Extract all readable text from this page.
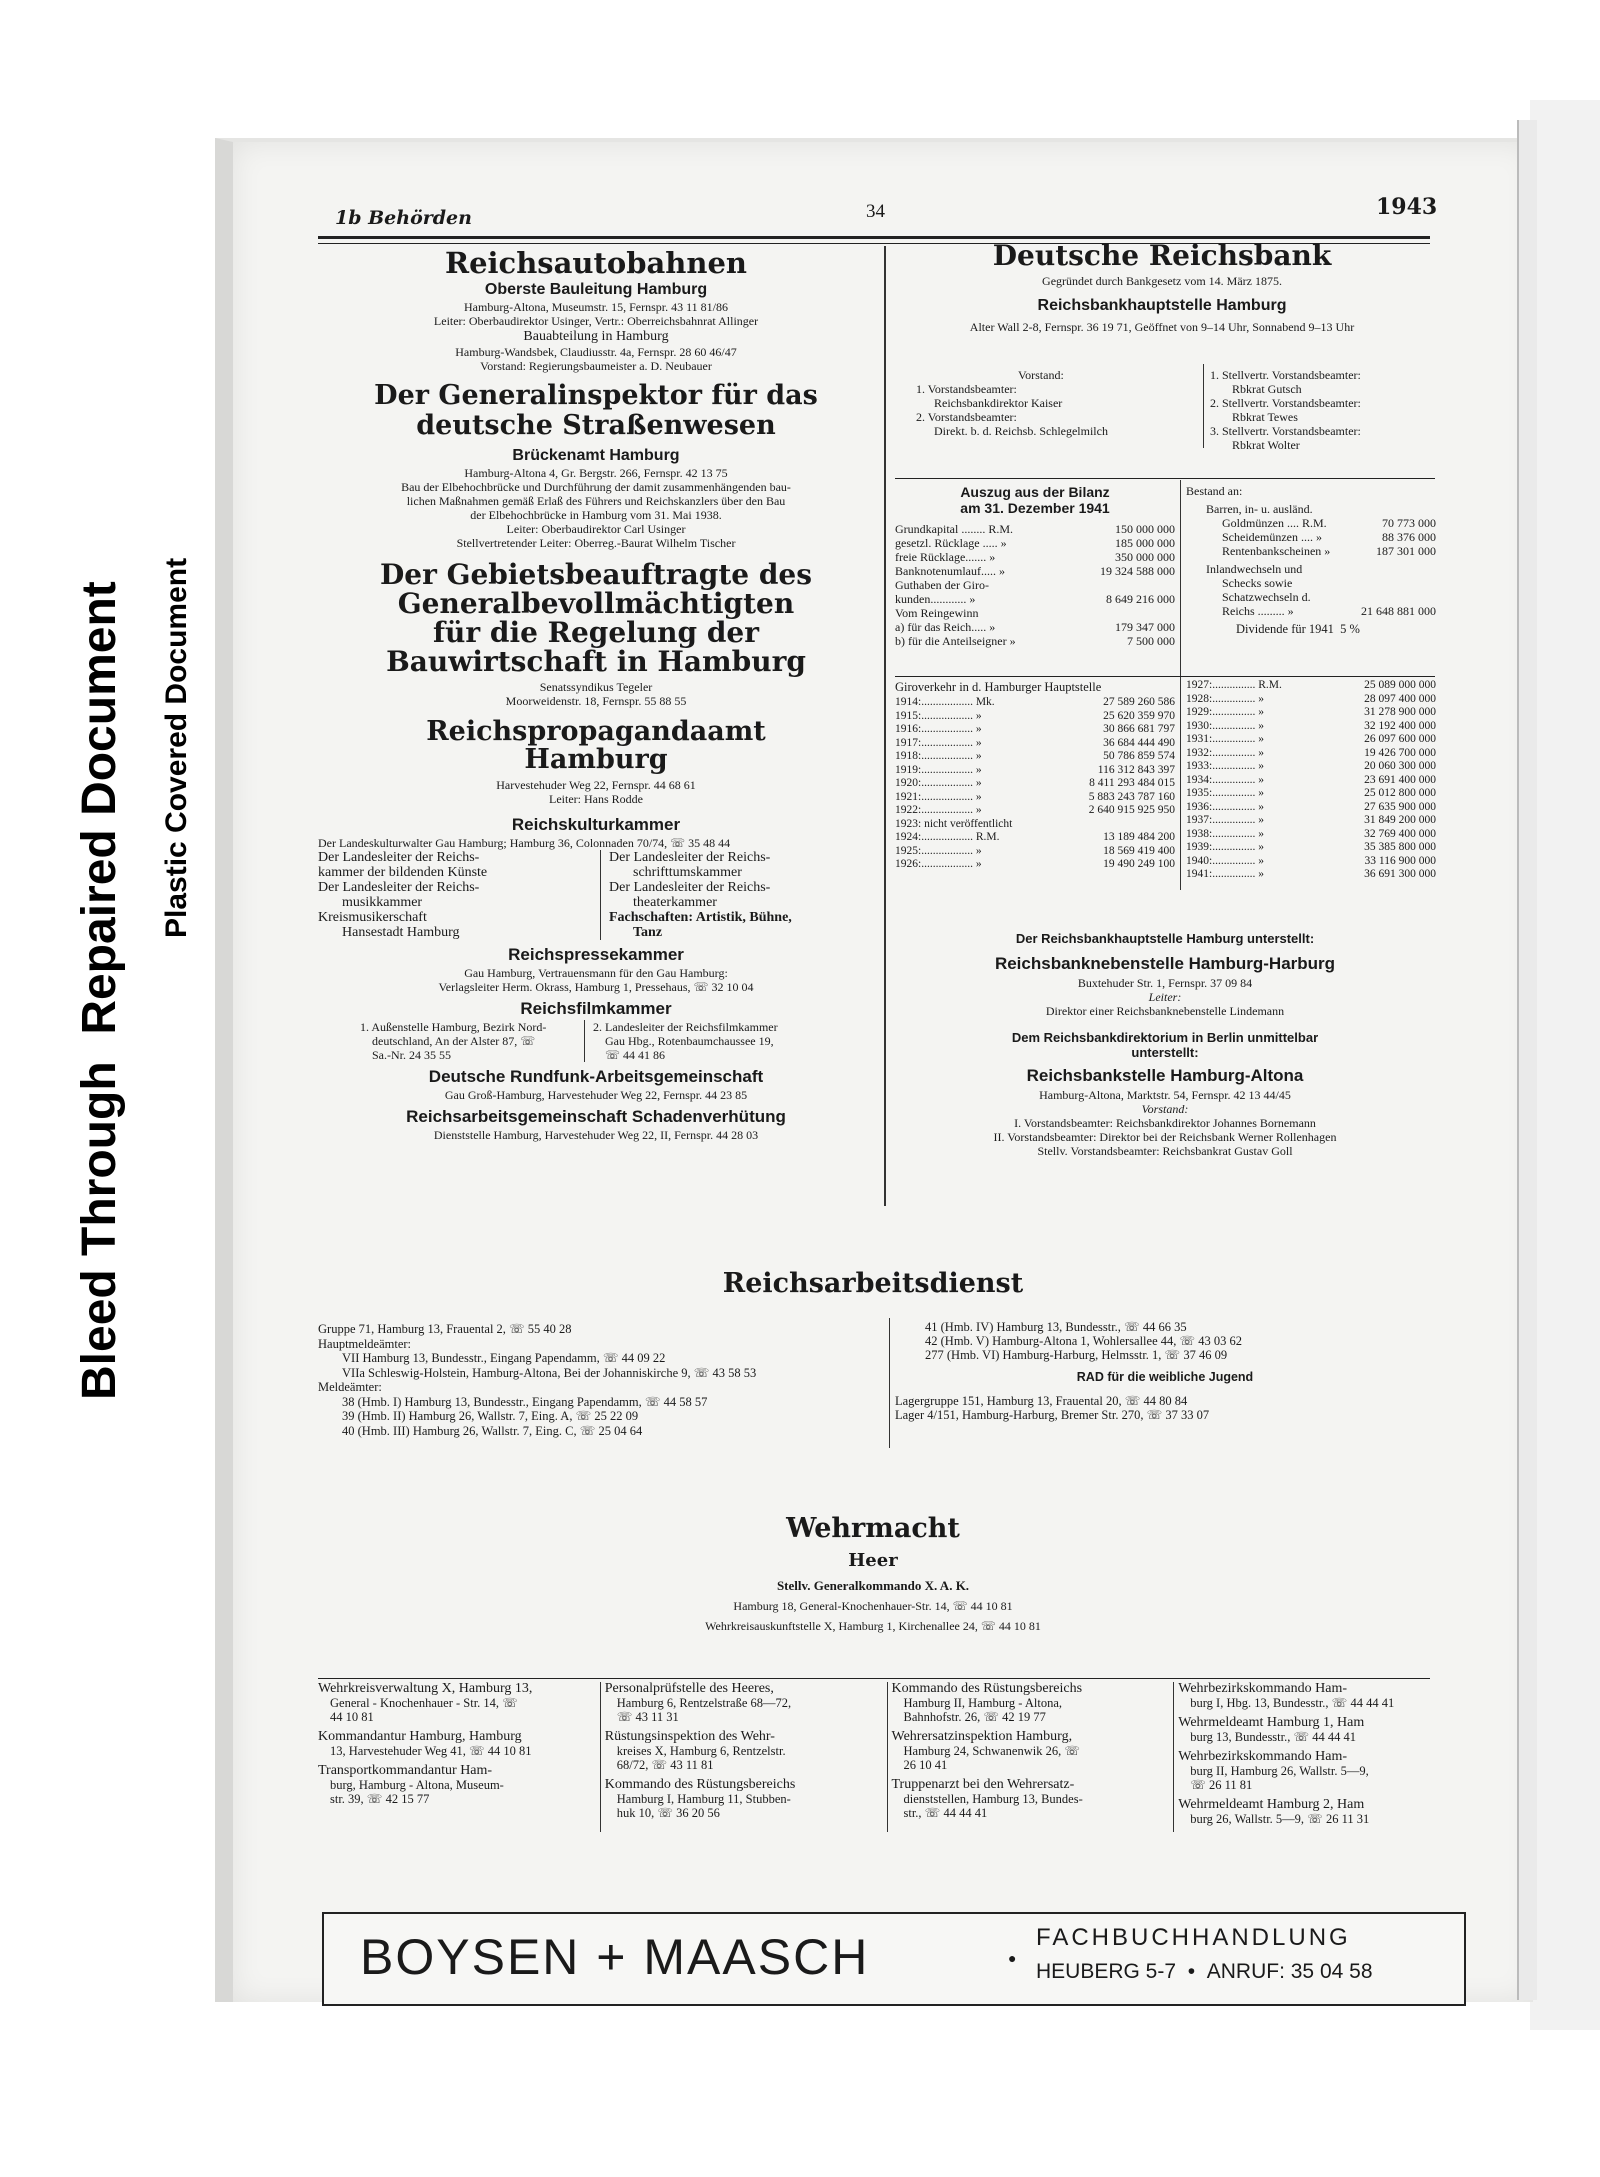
Bleed Through  Repaired Document Plastic Covered Document
1b Behörden	34	1943
Reichsautobahnen
Oberste Bauleitung Hamburg
Hamburg-Altona, Museumstr. 15, Fernspr. 43 11 81/86
Leiter: Oberbaudirektor Usinger, Vertr.: Oberreichsbahnrat Allinger
Bauabteilung in Hamburg
Hamburg-Wandsbek, Claudiusstr. 4a, Fernspr. 28 60 46/47
Vorstand: Regierungsbaumeister a. D. Neubauer
Der Generalinspektor für das
deutsche Straßenwesen
Brückenamt Hamburg
Hamburg-Altona 4, Gr. Bergstr. 266, Fernspr. 42 13 75
Bau der Elbehochbrücke und Durchführung der damit zusammenhängenden bau-
lichen Maßnahmen gemäß Erlaß des Führers und Reichskanzlers über den Bau
der Elbehochbrücke in Hamburg vom 31. Mai 1938.
Leiter: Oberbaudirektor Carl Usinger
Stellvertretender Leiter: Oberreg.-Baurat Wilhelm Tischer
Der Gebietsbeauftragte des
Generalbevollmächtigten
für die Regelung der
Bauwirtschaft in Hamburg
Senatssyndikus Tegeler
Moorweidenstr. 18, Fernspr. 55 88 55
Reichspropagandaamt
Hamburg
Harvestehuder Weg 22, Fernspr. 44 68 61
Leiter: Hans Rodde
Reichskulturkammer
Der Landeskulturwalter Gau Hamburg; Hamburg 36, Colonnaden 70/74, ☏ 35 48 44
Der Landesleiter der Reichs-
kammer der bildenden Künste
Der Landesleiter der Reichs-
musikkammer
Kreismusikerschaft
Hansestadt Hamburg
Der Landesleiter der Reichs-
schrifttumskammer
Der Landesleiter der Reichs-
theaterkammer
Fachschaften: Artistik, Bühne,
Tanz
Reichspressekammer
Gau Hamburg, Vertrauensmann für den Gau Hamburg:
Verlagsleiter Herm. Okrass, Hamburg 1, Pressehaus, ☏ 32 10 04
Reichsfilmkammer
1. Außenstelle Hamburg, Bezirk Nord-
deutschland, An der Alster 87, ☏
Sa.-Nr. 24 35 55
2. Landesleiter der Reichsfilmkammer
Gau Hbg., Rotenbaumchaussee 19,
☏ 44 41 86
Deutsche Rundfunk-Arbeitsgemeinschaft
Gau Groß-Hamburg, Harvestehuder Weg 22, Fernspr. 44 23 85
Reichsarbeitsgemeinschaft Schadenverhütung
Dienststelle Hamburg, Harvestehuder Weg 22, II, Fernspr. 44 28 03
Deutsche Reichsbank
Gegründet durch Bankgesetz vom 14. März 1875.
Reichsbankhauptstelle Hamburg
Alter Wall 2-8, Fernspr. 36 19 71, Geöffnet von 9–14 Uhr, Sonnabend 9–13 Uhr
Vorstand:
1. Vorstandsbeamter:
Reichsbankdirektor Kaiser
2. Vorstandsbeamter:
Direkt. b. d. Reichsb. Schlegelmilch
1. Stellvertr. Vorstandsbeamter:
Rbkrat Gutsch
2. Stellvertr. Vorstandsbeamter:
Rbkrat Tewes
3. Stellvertr. Vorstandsbeamter:
Rbkrat Wolter
Auszug aus der Bilanz
am 31. Dezember 1941
Grundkapital ........ R.M.	150 000 000
gesetzl. Rücklage ..... »	185 000 000
freie Rücklage....... »	350 000 000
Banknotenumlauf..... »	19 324 588 000
Guthaben der Giro-
kunden............ »	8 649 216 000
Vom Reingewinn
a) für das Reich..... »	179 347 000
b) für die Anteilseigner »	7 500 000
Bestand an:
Barren, in- u. ausländ.
Goldmünzen .... R.M.	70 773 000
Scheidemünzen .... »	88 376 000
Rentenbankscheinen »	187 301 000
Inlandwechseln und
Schecks sowie
Schatzwechseln d.
Reichs ......... »	21 648 881 000
Dividende für 1941 5 %
Giroverkehr in d. Hamburger Hauptstelle
1914:.................. Mk.	27 589 260 586
1915:.................. »	25 620 359 970
1916:.................. »	30 866 681 797
1917:.................. »	36 684 444 490
1918:.................. »	50 786 859 574
1919:.................. »	116 312 843 397
1920:.................. »	8 411 293 484 015
1921:.................. »	5 883 243 787 160
1922:.................. »	2 640 915 925 950
1923: nicht veröffentlicht
1924:.................. R.M.	13 189 484 200
1925:.................. »	18 569 419 400
1926:.................. »	19 490 249 100
1927:............... R.M.	25 089 000 000
1928:............... »	28 097 400 000
1929:............... »	31 278 900 000
1930:............... »	32 192 400 000
1931:............... »	26 097 600 000
1932:............... »	19 426 700 000
1933:............... »	20 060 300 000
1934:............... »	23 691 400 000
1935:............... »	25 012 800 000
1936:............... »	27 635 900 000
1937:............... »	31 849 200 000
1938:............... »	32 769 400 000
1939:............... »	35 385 800 000
1940:............... »	33 116 900 000
1941:............... »	36 691 300 000
Der Reichsbankhauptstelle Hamburg unterstellt:
Reichsbanknebenstelle Hamburg-Harburg
Buxtehuder Str. 1, Fernspr. 37 09 84
Leiter:
Direktor einer Reichsbanknebenstelle Lindemann
Dem Reichsbankdirektorium in Berlin unmittelbar
unterstellt:
Reichsbankstelle Hamburg-Altona
Hamburg-Altona, Marktstr. 54, Fernspr. 42 13 44/45
Vorstand:
I. Vorstandsbeamter: Reichsbankdirektor Johannes Bornemann
II. Vorstandsbeamter: Direktor bei der Reichsbank Werner Rollenhagen
Stellv. Vorstandsbeamter: Reichsbankrat Gustav Goll
Reichsarbeitsdienst
Gruppe 71, Hamburg 13, Frauental 2, ☏ 55 40 28
Hauptmeldeämter:
VII Hamburg 13, Bundesstr., Eingang Papendamm, ☏ 44 09 22
VIIa Schleswig-Holstein, Hamburg-Altona, Bei der Johanniskirche 9, ☏ 43 58 53
Meldeämter:
38 (Hmb. I) Hamburg 13, Bundesstr., Eingang Papendamm, ☏ 44 58 57
39 (Hmb. II) Hamburg 26, Wallstr. 7, Eing. A, ☏ 25 22 09
40 (Hmb. III) Hamburg 26, Wallstr. 7, Eing. C, ☏ 25 04 64
41 (Hmb. IV) Hamburg 13, Bundesstr., ☏ 44 66 35
42 (Hmb. V) Hamburg-Altona 1, Wohlersallee 44, ☏ 43 03 62
277 (Hmb. VI) Hamburg-Harburg, Helmsstr. 1, ☏ 37 46 09
RAD für die weibliche Jugend
Lagergruppe 151, Hamburg 13, Frauental 20, ☏ 44 80 84
Lager 4/151, Hamburg-Harburg, Bremer Str. 270, ☏ 37 33 07
Wehrmacht
Heer
Stellv. Generalkommando X. A. K.
Hamburg 18, General-Knochenhauer-Str. 14, ☏ 44 10 81
Wehrkreisauskunftstelle X, Hamburg 1, Kirchenallee 24, ☏ 44 10 81
Wehrkreisverwaltung X, Hamburg 13,
General - Knochenhauer - Str. 14, ☏
44 10 81
Kommandantur Hamburg, Hamburg
13, Harvestehuder Weg 41, ☏ 44 10 81
Transportkommandantur Ham-
burg, Hamburg - Altona, Museum-
str. 39, ☏ 42 15 77
Personalprüfstelle des Heeres,
Hamburg 6, Rentzelstraße 68—72,
☏ 43 11 31
Rüstungsinspektion des Wehr-
kreises X, Hamburg 6, Rentzelstr.
68/72, ☏ 43 11 81
Kommando des Rüstungsbereichs
Hamburg I, Hamburg 11, Stubben-
huk 10, ☏ 36 20 56
Kommando des Rüstungsbereichs
Hamburg II, Hamburg - Altona,
Bahnhofstr. 26, ☏ 42 19 77
Wehrersatzinspektion Hamburg,
Hamburg 24, Schwanenwik 26, ☏
26 10 41
Truppenarzt bei den Wehrersatz-
dienststellen, Hamburg 13, Bundes-
str., ☏ 44 44 41
Wehrbezirkskommando Ham-
burg I, Hbg. 13, Bundesstr., ☏ 44 44 41
Wehrmeldeamt Hamburg 1, Ham
burg 13, Bundesstr., ☏ 44 44 41
Wehrbezirkskommando Ham-
burg II, Hamburg 26, Wallstr. 5—9,
☏ 26 11 81
Wehrmeldeamt Hamburg 2, Ham
burg 26, Wallstr. 5—9, ☏ 26 11 31
BOYSEN + MAASCH	FACHBUCHHANDLUNG
HEUBERG 5-7  •  ANRUF: 35 04 58
●
